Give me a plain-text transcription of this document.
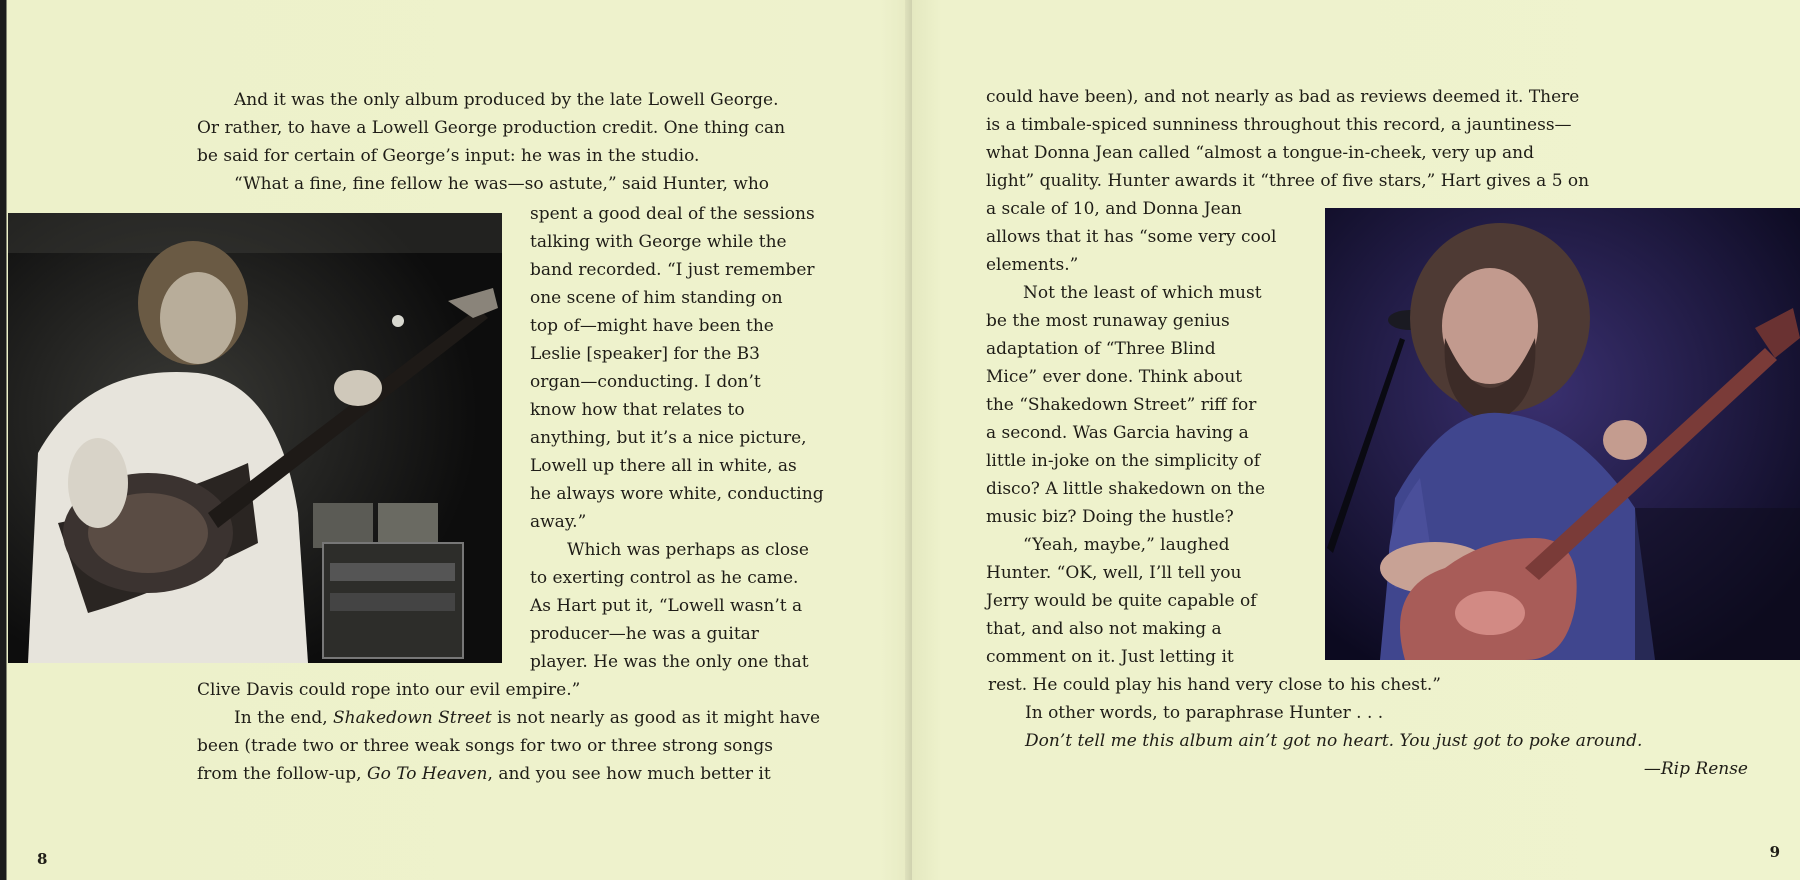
And it was the only album produced by the late Lowell George.
Or rather, to have a Lowell George production credit. One thing can
be said for certain of George’s input: he was in the studio.
“What a fine, fine fellow he was—so astute,” said Hunter, who
spent a good deal of the sessions
talking with George while the
band recorded. “I just remember
one scene of him standing on
top of—might have been the
Leslie [speaker] for the B3
organ—conducting. I don’t
know how that relates to
anything, but it’s a nice picture,
Lowell up there all in white, as
he always wore white, conducting
away.”
Which was perhaps as close
to exerting control as he came.
As Hart put it, “Lowell wasn’t a
producer—he was a guitar
player. He was the only one that
Clive Davis could rope into our evil empire.”
In the end, Shakedown Street is not nearly as good as it might have
been (trade two or three weak songs for two or three strong songs
from the follow-up, Go To Heaven, and you see how much better it
8
could have been), and not nearly as bad as reviews deemed it. There
is a timbale-spiced sunniness throughout this record, a jauntiness—
what Donna Jean called “almost a tongue-in-cheek, very up and
light” quality. Hunter awards it “three of five stars,” Hart gives a 5 on
a scale of 10, and Donna Jean
allows that it has “some very cool
elements.”
Not the least of which must
be the most runaway genius
adaptation of “Three Blind
Mice” ever done. Think about
the “Shakedown Street” riff for
a second. Was Garcia having a
little in-joke on the simplicity of
disco? A little shakedown on the
music biz? Doing the hustle?
“Yeah, maybe,” laughed
Hunter. “OK, well, I’ll tell you
Jerry would be quite capable of
that, and also not making a
comment on it. Just letting it
rest. He could play his hand very close to his chest.”
In other words, to paraphrase Hunter . . .
Don’t tell me this album ain’t got no heart. You just got to poke around.
—Rip Rense
9
